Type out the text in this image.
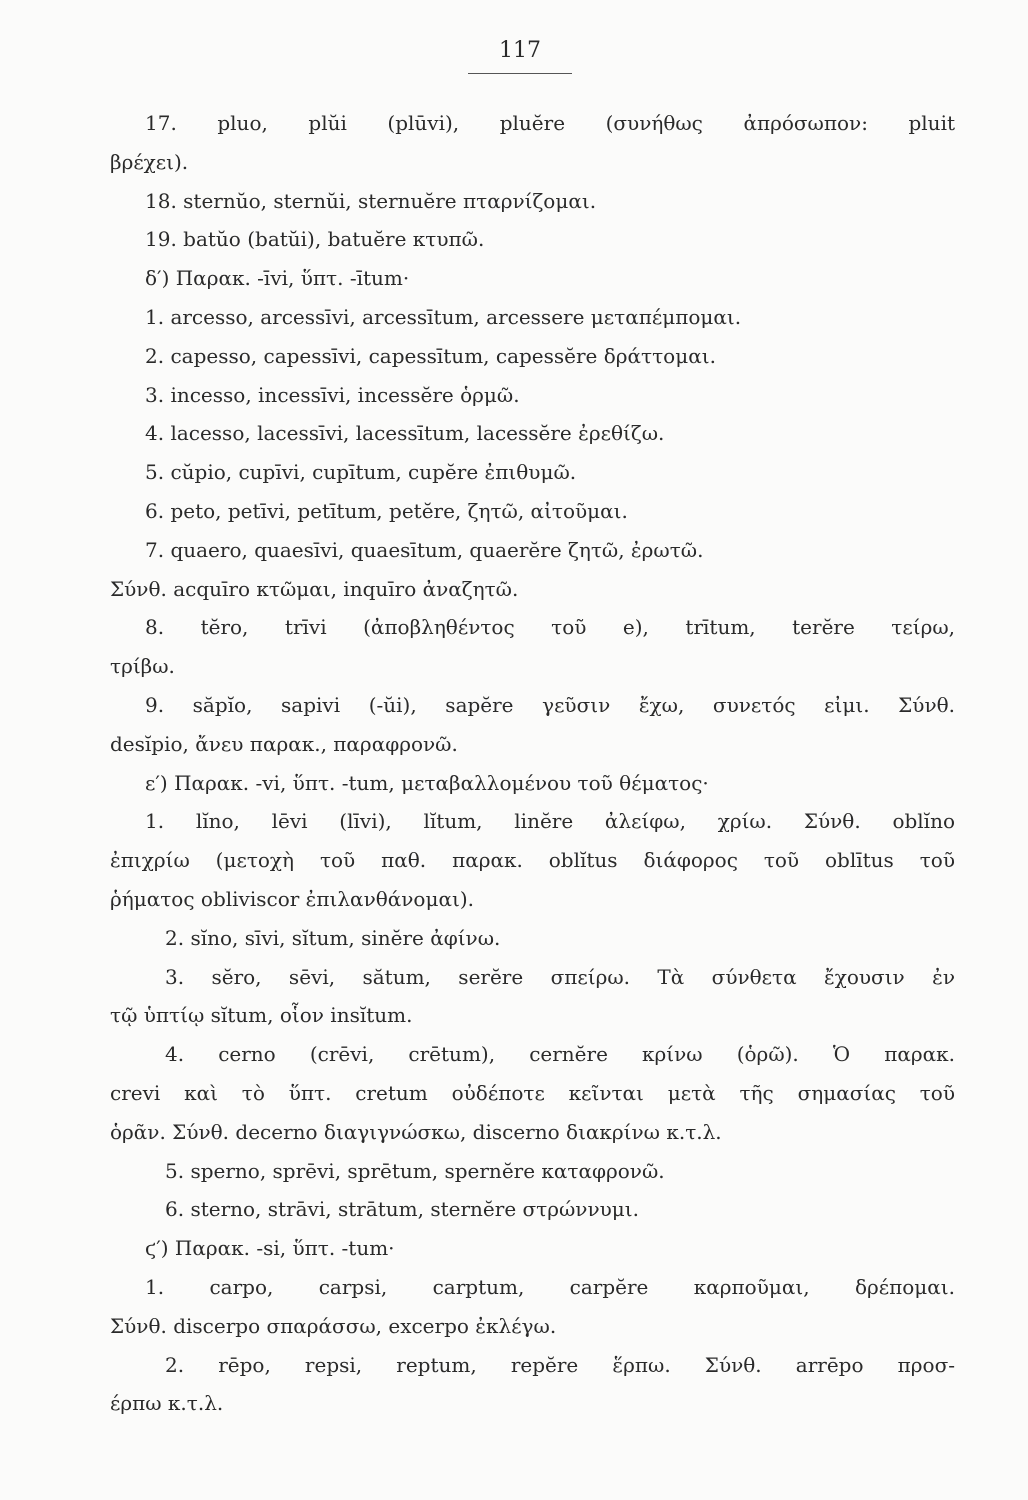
117
17. pluo, plŭi (plūvi), pluĕre (συνήθως ἀπρόσωπον: pluit
βρέχει).
18. sternŭo, sternŭi, sternuĕre πταρνίζομαι.
19. batŭo (batŭi), batuĕre κτυπῶ.
δ′) Παρακ. -īvi, ὕπτ. -ītum·
1. arcesso, arcessīvi, arcessītum, arcessere μεταπέμπομαι.
2. capesso, capessīvi, capessītum, capessĕre δράττομαι.
3. incesso, incessīvi, incessĕre ὁρμῶ.
4. lacesso, lacessīvi, lacessītum, lacessĕre ἐρεθίζω.
5. cŭpio, cupīvi, cupītum, cupĕre ἐπιθυμῶ.
6. peto, petīvi, petītum, petĕre, ζητῶ, αἰτοῦμαι.
7. quaero, quaesīvi, quaesītum, quaerĕre ζητῶ, ἐρωτῶ.
Σύνθ. acquīro κτῶμαι, inquīro ἀναζητῶ.
8. tĕro, trīvi (ἀποβληθέντος τοῦ e), trītum, terĕre τείρω,
τρίβω.
9. săpĭo, sapivi (-ŭi), sapĕre γεῦσιν ἔχω, συνετός εἰμι. Σύνθ.
desĭpio, ἄνευ παρακ., παραφρονῶ.
ε′) Παρακ. -vi, ὕπτ. -tum, μεταβαλλομένου τοῦ θέματος·
1. lĭno, lēvi (līvi), lĭtum, linĕre ἀλείφω, χρίω. Σύνθ. oblĭno
ἐπιχρίω (μετοχὴ τοῦ παθ. παρακ. oblĭtus διάφορος τοῦ oblītus τοῦ
ῥήματος obliviscor ἐπιλανθάνομαι).
2. sĭno, sīvi, sĭtum, sinĕre ἀφίνω.
3. sĕro, sēvi, sătum, serĕre σπείρω. Τὰ σύνθετα ἔχουσιν ἐν
τῷ ὑπτίῳ sĭtum, οἷον insĭtum.
4. cerno (crēvi, crētum), cernĕre κρίνω (ὁρῶ). Ὁ παρακ.
crevi καὶ τὸ ὕπτ. cretum οὐδέποτε κεῖνται μετὰ τῆς σημασίας τοῦ
ὁρᾶν. Σύνθ. decerno διαγιγνώσκω, discerno διακρίνω κ.τ.λ.
5. sperno, sprēvi, sprētum, spernĕre καταφρονῶ.
6. sterno, strāvi, strātum, sternĕre στρώννυμι.
ϛ′) Παρακ. -si, ὕπτ. -tum·
1. carpo, carpsi, carptum, carpĕre καρποῦμαι, δρέπομαι.
Σύνθ. discerpo σπαράσσω, excerpo ἐκλέγω.
2. rēpo, repsi, reptum, repĕre ἕρπω. Σύνθ. arrēpo προσ-
έρπω κ.τ.λ.
